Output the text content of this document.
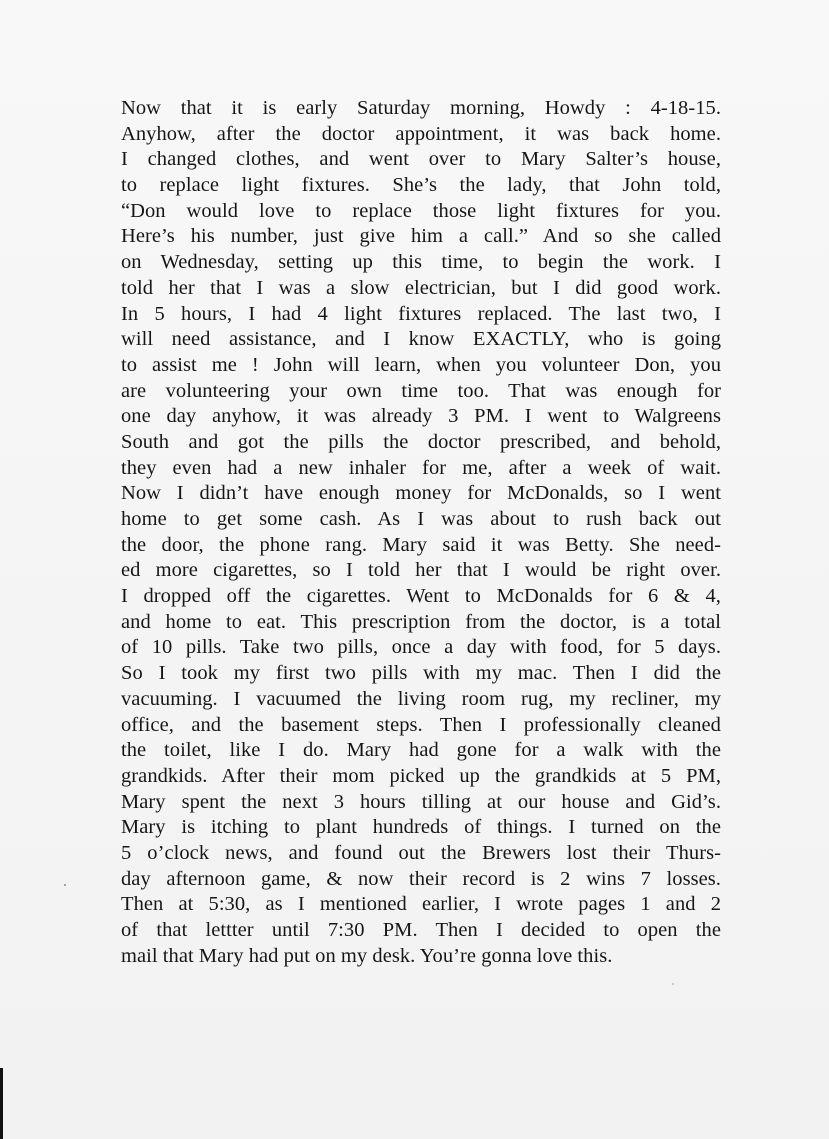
Now that it is early Saturday morning, Howdy : 4-18-15.
Anyhow, after the doctor appointment, it was back home.
I changed clothes, and went over to Mary Salter’s house,
to replace light fixtures. She’s the lady, that John told,
“Don would love to replace those light fixtures for you.
Here’s his number, just give him a call.” And so she called
on Wednesday, setting up this time, to begin the work. I
told her that I was a slow electrician, but I did good work.
In 5 hours, I had 4 light fixtures replaced. The last two, I
will need assistance, and I know EXACTLY, who is going
to assist me ! John will learn, when you volunteer Don, you
are volunteering your own time too. That was enough for
one day anyhow, it was already 3 PM. I went to Walgreens
South and got the pills the doctor prescribed, and behold,
they even had a new inhaler for me, after a week of wait.
Now I didn’t have enough money for McDonalds, so I went
home to get some cash. As I was about to rush back out
the door, the phone rang. Mary said it was Betty. She need-
ed more cigarettes, so I told her that I would be right over.
I dropped off the cigarettes. Went to McDonalds for 6 & 4,
and home to eat. This prescription from the doctor, is a total
of 10 pills. Take two pills, once a day with food, for 5 days.
So I took my first two pills with my mac. Then I did the
vacuuming. I vacuumed the living room rug, my recliner, my
office, and the basement steps. Then I professionally cleaned
the toilet, like I do. Mary had gone for a walk with the
grandkids. After their mom picked up the grandkids at 5 PM,
Mary spent the next 3 hours tilling at our house and Gid’s.
Mary is itching to plant hundreds of things. I turned on the
5 o’clock news, and found out the Brewers lost their Thurs-
day afternoon game, & now their record is 2 wins 7 losses.
Then at 5:30, as I mentioned earlier, I wrote pages 1 and 2
of that lettter until 7:30 PM. Then I decided to open the
mail that Mary had put on my desk. You’re gonna love this.
